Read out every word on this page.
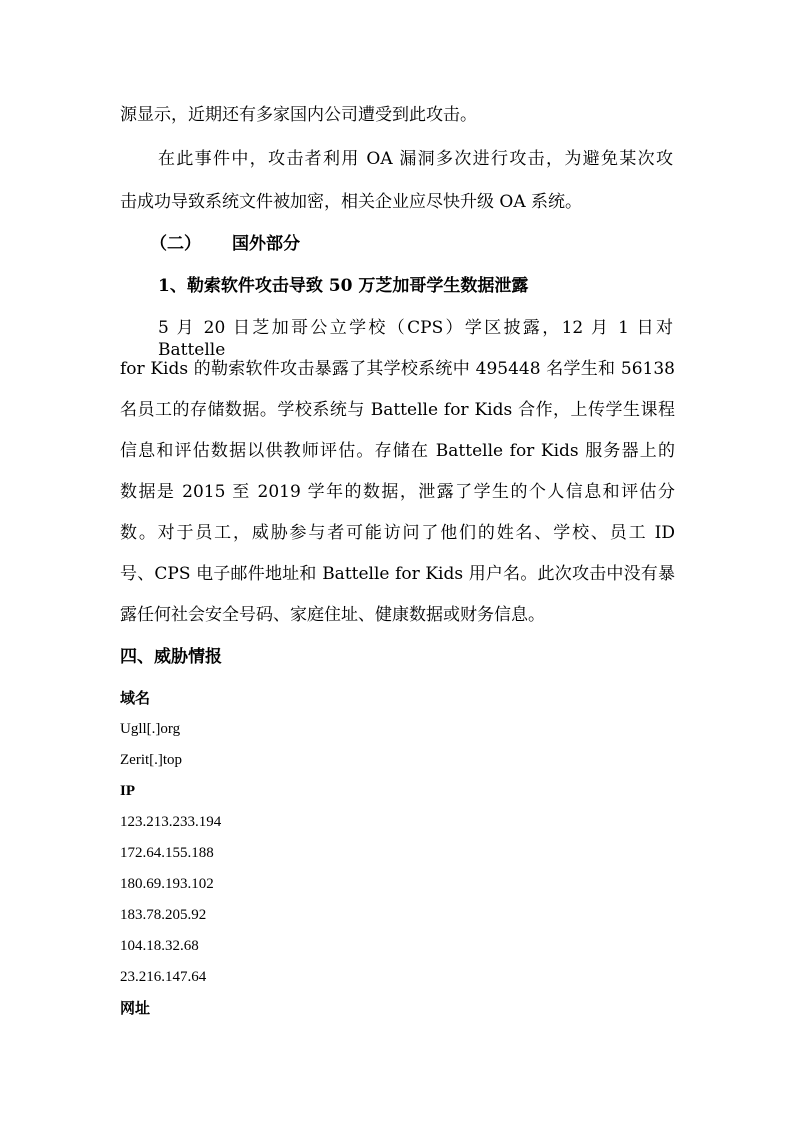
源显示，近期还有多家国内公司遭受到此攻击。
在此事件中，攻击者利用 OA 漏洞多次进行攻击，为避免某次攻
击成功导致系统文件被加密，相关企业应尽快升级 OA 系统。
（二） 国外部分
1、勒索软件攻击导致 50 万芝加哥学生数据泄露
5 月 20 日芝加哥公立学校（CPS）学区披露，12 月 1 日对 Battelle
for Kids 的勒索软件攻击暴露了其学校系统中 495448 名学生和 56138
名员工的存储数据。学校系统与 Battelle for Kids 合作，上传学生课程
信息和评估数据以供教师评估。存储在 Battelle for Kids 服务器上的
数据是 2015 至 2019 学年的数据，泄露了学生的个人信息和评估分
数。对于员工，威胁参与者可能访问了他们的姓名、学校、员工 ID
号、CPS 电子邮件地址和 Battelle for Kids 用户名。此次攻击中没有暴
露任何社会安全号码、家庭住址、健康数据或财务信息。
四、威胁情报
域名
Ugll[.]org
Zerit[.]top
IP
123.213.233.194
172.64.155.188
180.69.193.102
183.78.205.92
104.18.32.68
23.216.147.64
网址
